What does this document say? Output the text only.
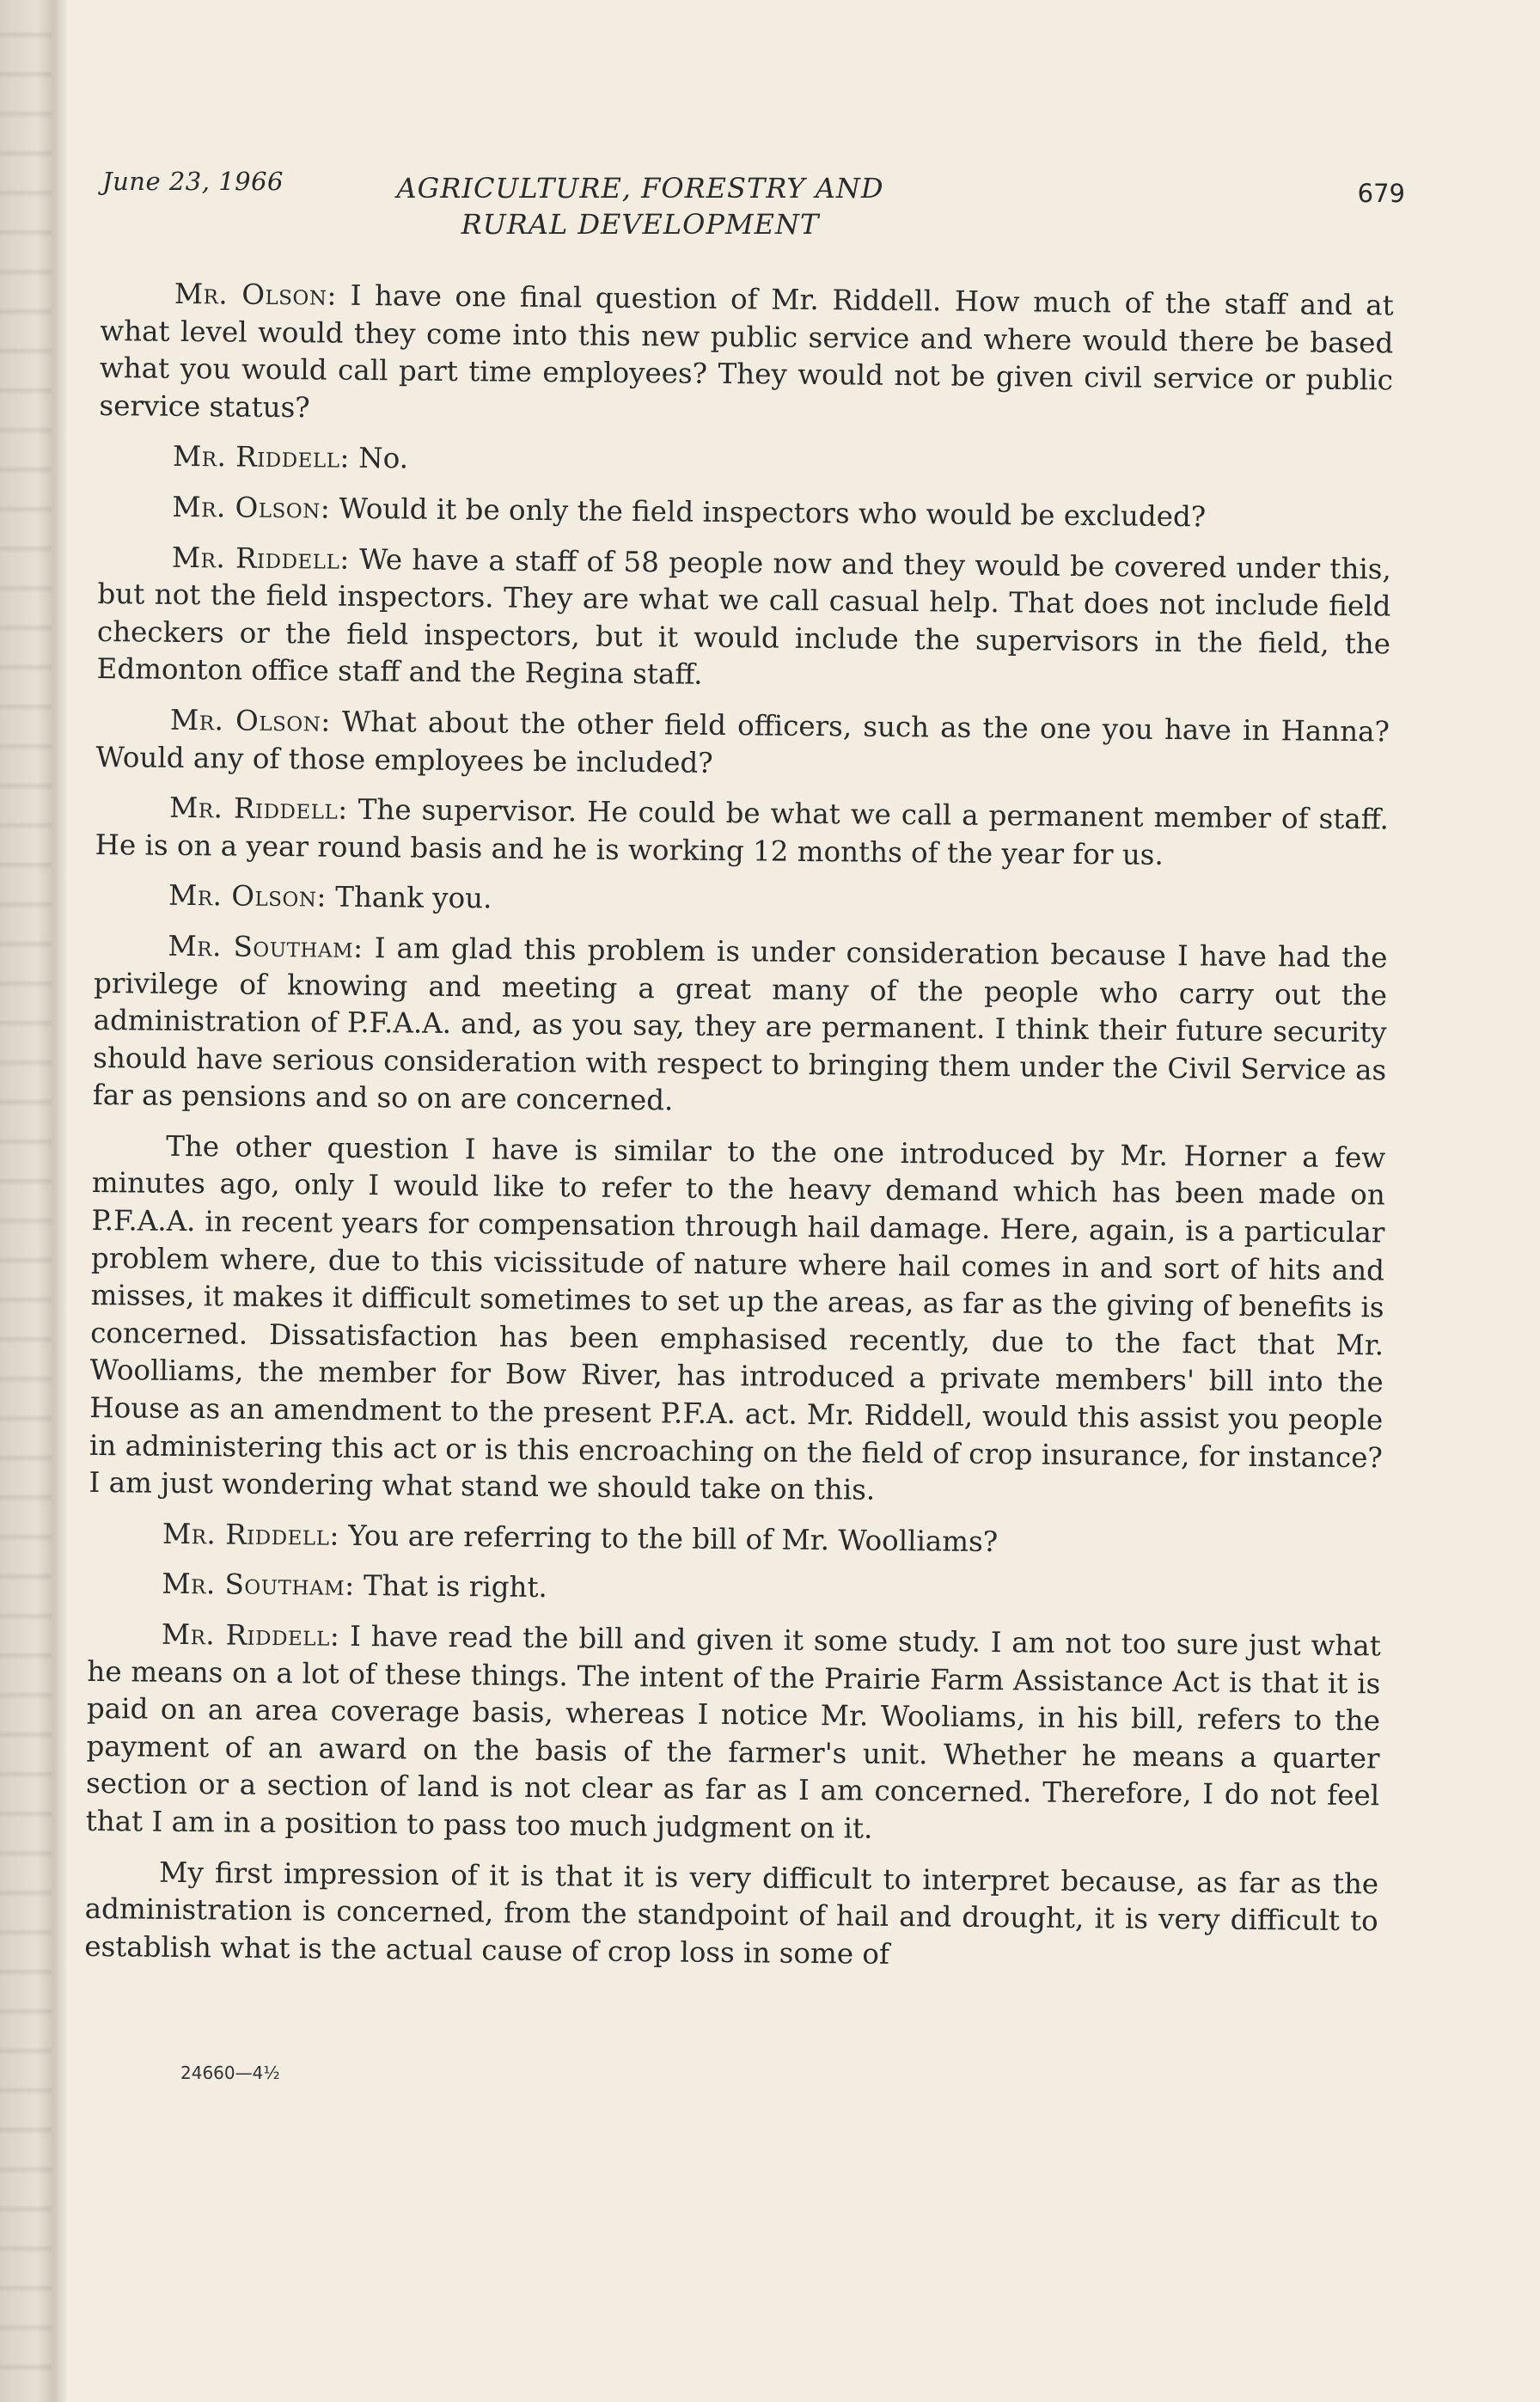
June 23, 1966	AGRICULTURE, FORESTRY AND
RURAL DEVELOPMENT
679

Mr. Olson: I have one final question of Mr. Riddell. How much of the staff and at what level would they come into this new public service and where would there be based what you would call part time employees? They would not be given civil service or public service status?

Mr. Riddell: No.

Mr. Olson: Would it be only the field inspectors who would be excluded?

Mr. Riddell: We have a staff of 58 people now and they would be covered under this, but not the field inspectors. They are what we call casual help. That does not include field checkers or the field inspectors, but it would include the supervisors in the field, the Edmonton office staff and the Regina staff.

Mr. Olson: What about the other field officers, such as the one you have in Hanna? Would any of those employees be included?

Mr. Riddell: The supervisor. He could be what we call a permanent member of staff. He is on a year round basis and he is working 12 months of the year for us.

Mr. Olson: Thank you.

Mr. Southam: I am glad this problem is under consideration because I have had the privilege of knowing and meeting a great many of the people who carry out the administration of P.F.A.A. and, as you say, they are permanent. I think their future security should have serious consideration with respect to bringing them under the Civil Service as far as pensions and so on are concerned.

The other question I have is similar to the one introduced by Mr. Horner a few minutes ago, only I would like to refer to the heavy demand which has been made on P.F.A.A. in recent years for compensation through hail damage. Here, again, is a particular problem where, due to this vicissitude of nature where hail comes in and sort of hits and misses, it makes it difficult sometimes to set up the areas, as far as the giving of benefits is concerned. Dissatisfaction has been emphasised recently, due to the fact that Mr. Woolliams, the member for Bow River, has introduced a private members' bill into the House as an amendment to the present P.F.A. act. Mr. Riddell, would this assist you people in administering this act or is this encroaching on the field of crop insurance, for instance? I am just wondering what stand we should take on this.

Mr. Riddell: You are referring to the bill of Mr. Woolliams?

Mr. Southam: That is right.

Mr. Riddell: I have read the bill and given it some study. I am not too sure just what he means on a lot of these things. The intent of the Prairie Farm Assistance Act is that it is paid on an area coverage basis, whereas I notice Mr. Wooliams, in his bill, refers to the payment of an award on the basis of the farmer's unit. Whether he means a quarter section or a section of land is not clear as far as I am concerned. Therefore, I do not feel that I am in a position to pass too much judgment on it.

My first impression of it is that it is very difficult to interpret because, as far as the administration is concerned, from the standpoint of hail and drought, it is very difficult to establish what is the actual cause of crop loss in some of

24660—4½
